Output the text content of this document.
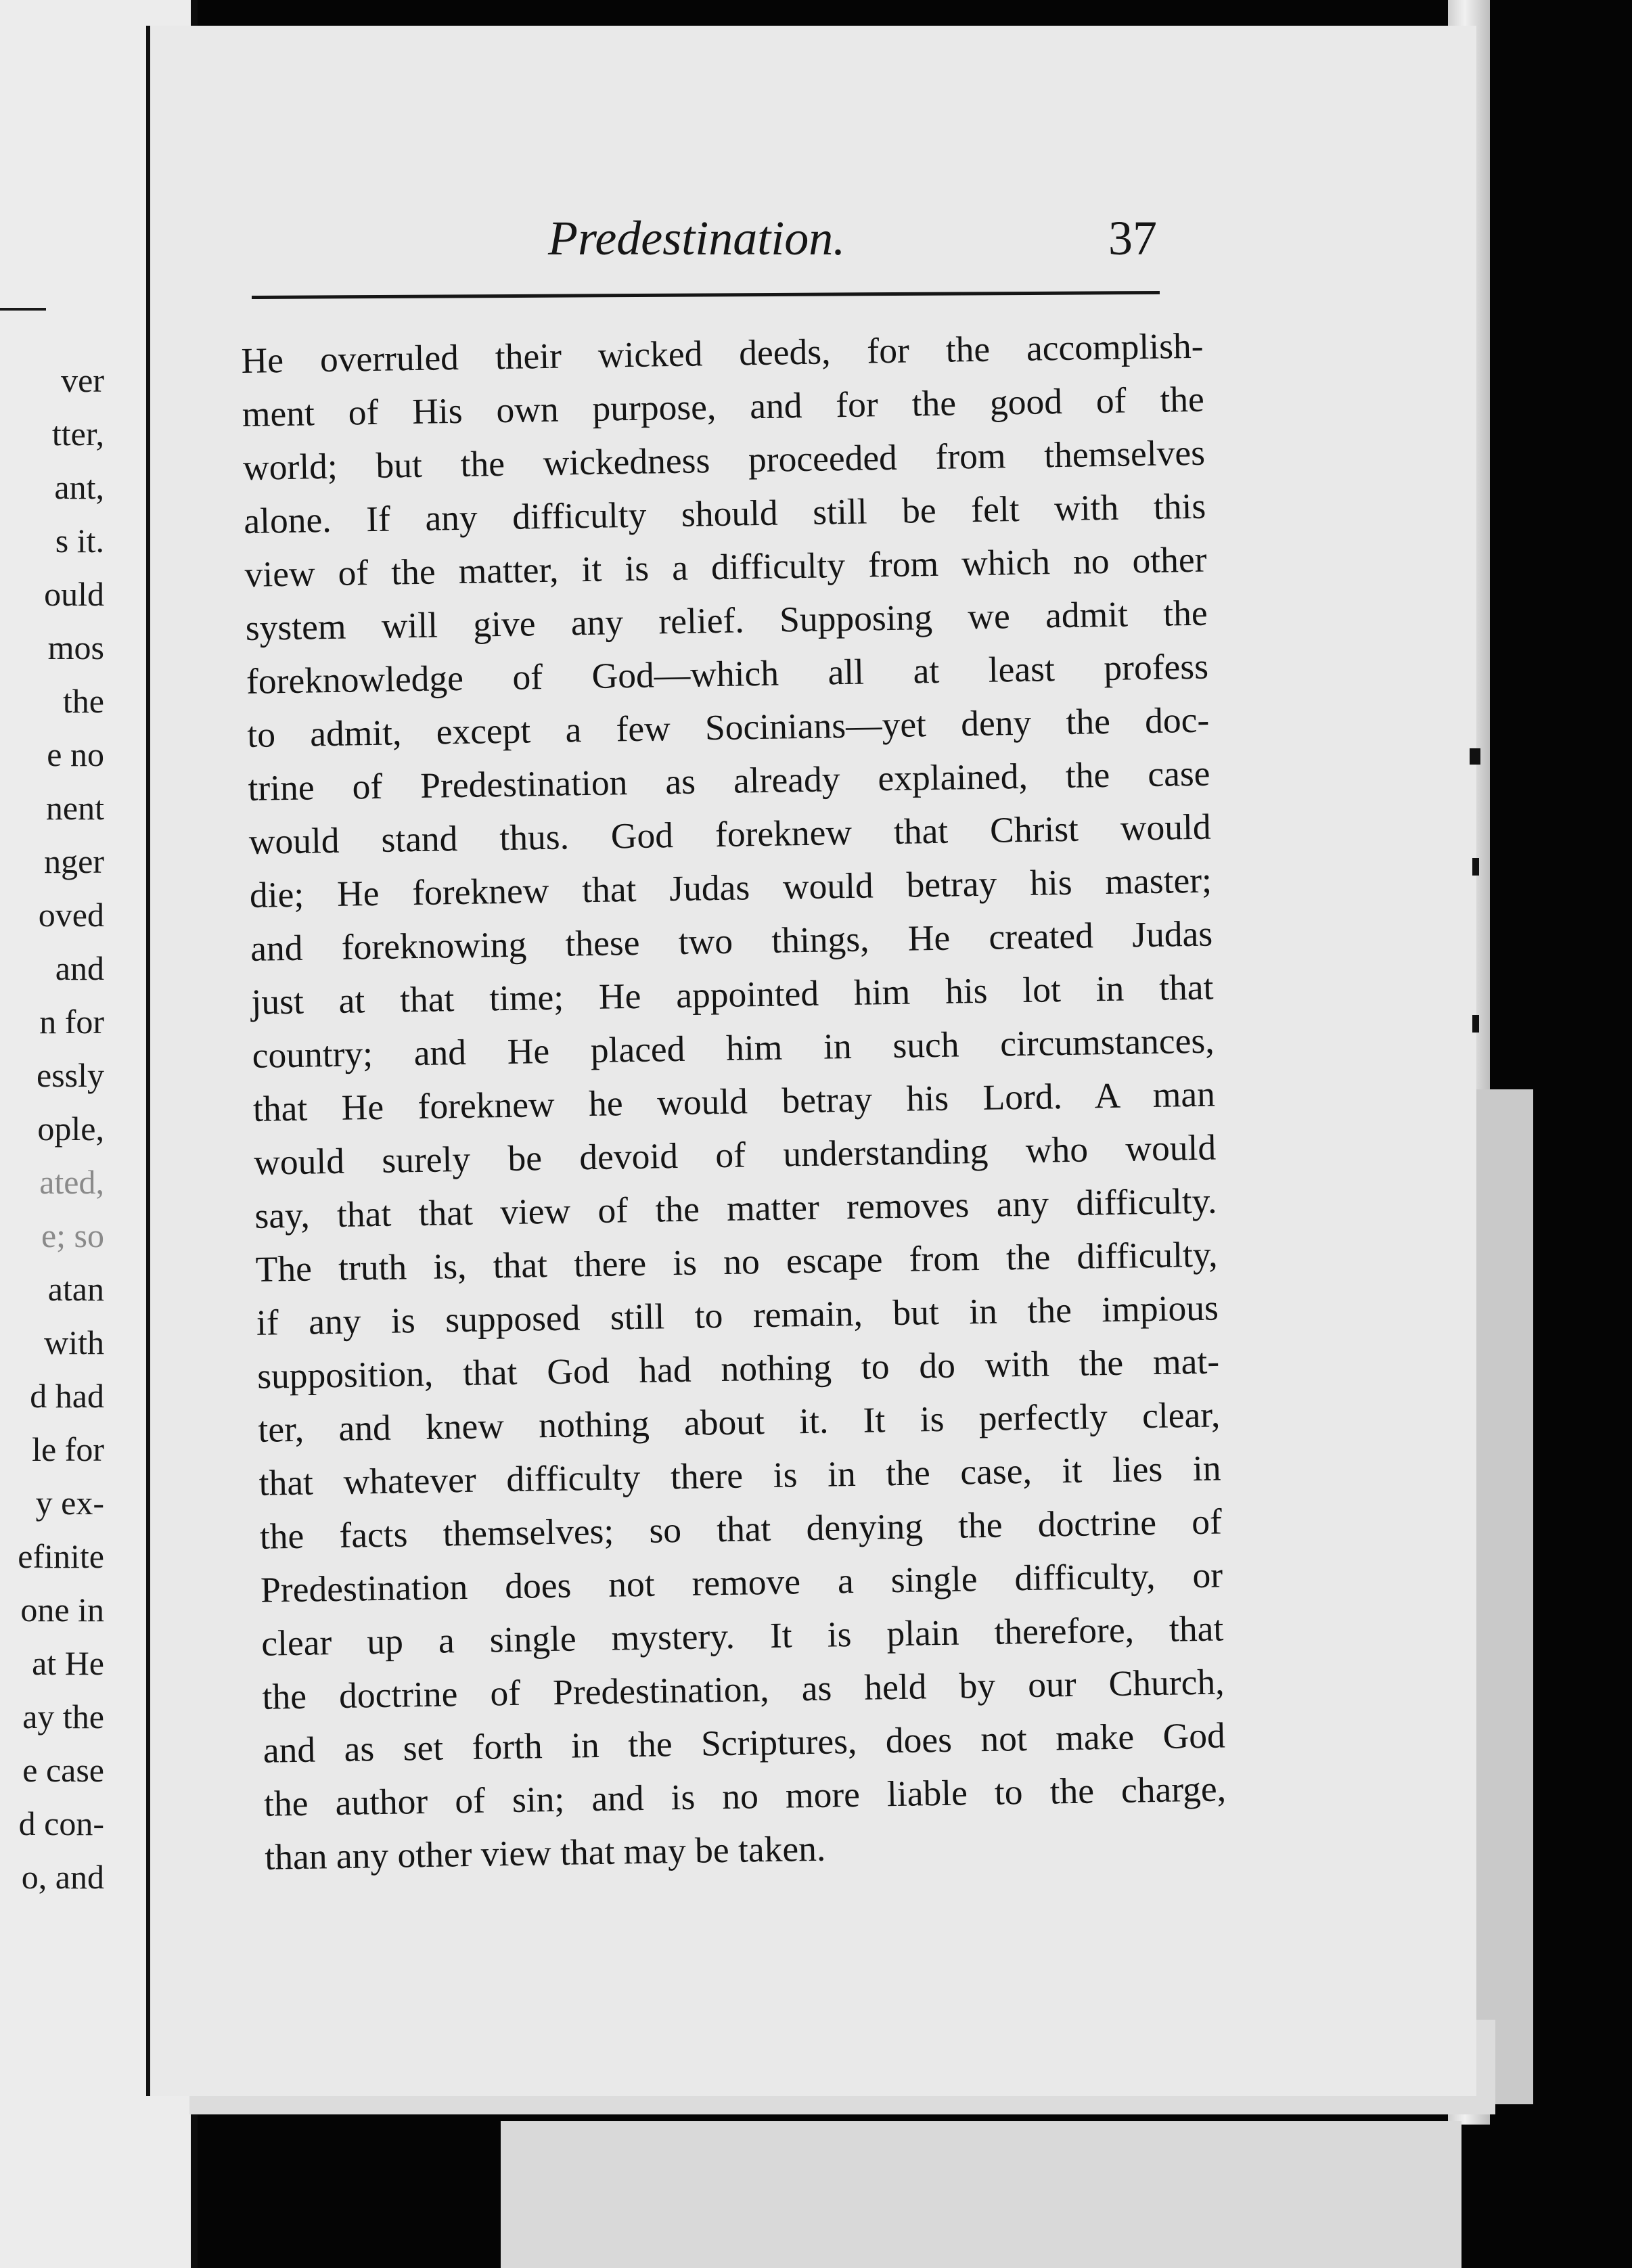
ver
tter,
ant,
s it.
ould
mos
the
e no
nent
nger
oved
and
n for
essly
ople,
ated,
e; so
atan
with
d had
le for
y ex-
efinite
one in
at He
ay the
e case
d con-
o, and
Predestination.	37
He overruled their wicked deeds, for the accomplish-
ment of His own purpose, and for the good of the
world; but the wickedness proceeded from themselves
alone. If any difficulty should still be felt with this
view of the matter, it is a difficulty from which no other
system will give any relief. Supposing we admit the
foreknowledge of God—which all at least profess
to admit, except a few Socinians—yet deny the doc-
trine of Predestination as already explained, the case
would stand thus. God foreknew that Christ would
die; He foreknew that Judas would betray his master;
and foreknowing these two things, He created Judas
just at that time; He appointed him his lot in that
country; and He placed him in such circumstances,
that He foreknew he would betray his Lord. A man
would surely be devoid of understanding who would
say, that that view of the matter removes any difficulty.
The truth is, that there is no escape from the difficulty,
if any is supposed still to remain, but in the impious
supposition, that God had nothing to do with the mat-
ter, and knew nothing about it. It is perfectly clear,
that whatever difficulty there is in the case, it lies in
the facts themselves; so that denying the doctrine of
Predestination does not remove a single difficulty, or
clear up a single mystery. It is plain therefore, that
the doctrine of Predestination, as held by our Church,
and as set forth in the Scriptures, does not make God
the author of sin; and is no more liable to the charge,
than any other view that may be taken.
